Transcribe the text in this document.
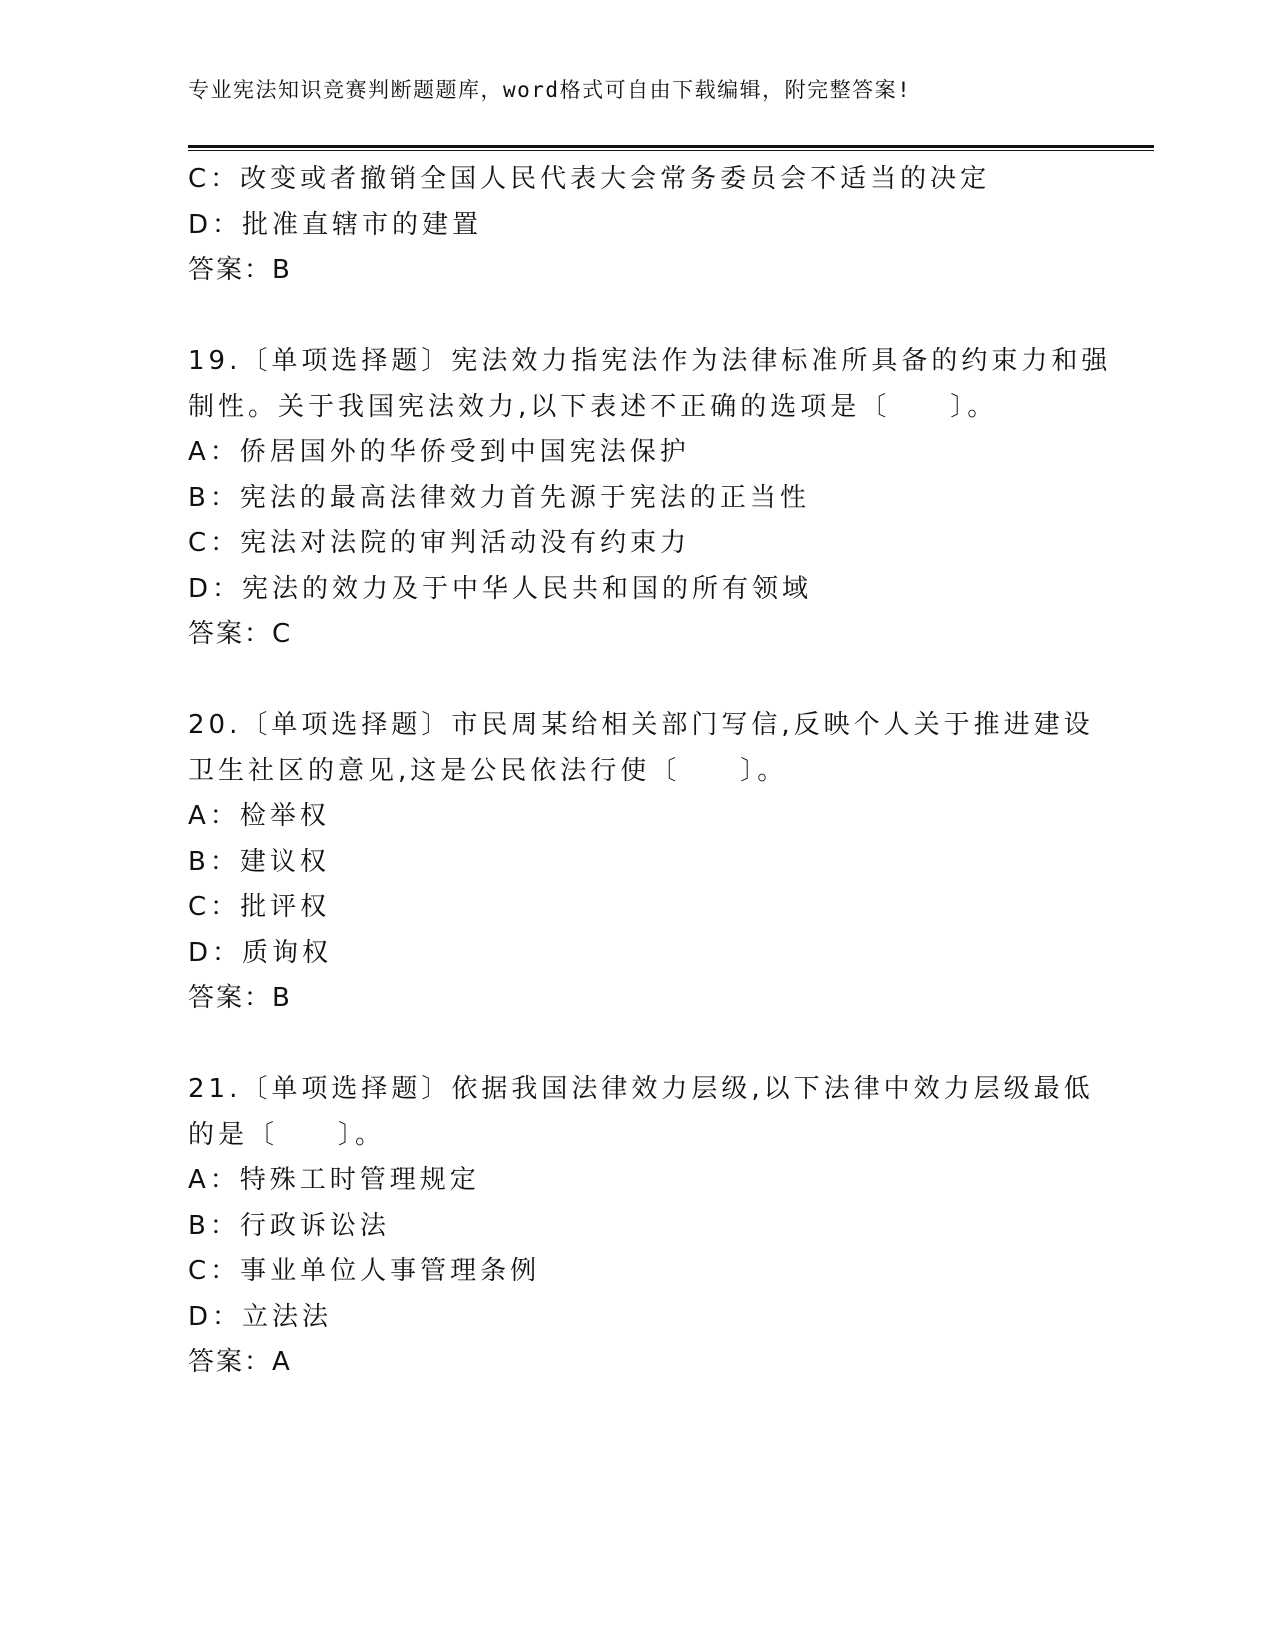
专业宪法知识竞赛判断题题库，word格式可自由下载编辑，附完整答案!
C：改变或者撤销全国人民代表大会常务委员会不适当的决定
D：批准直辖市的建置
答案：B
19.〔单项选择题〕宪法效力指宪法作为法律标准所具备的约束力和强
制性。关于我国宪法效力,以下表述不正确的选项是〔　　〕。
A：侨居国外的华侨受到中国宪法保护
B：宪法的最高法律效力首先源于宪法的正当性
C：宪法对法院的审判活动没有约束力
D：宪法的效力及于中华人民共和国的所有领域
答案：C
20.〔单项选择题〕市民周某给相关部门写信,反映个人关于推进建设
卫生社区的意见,这是公民依法行使〔　　〕。
A：检举权
B：建议权
C：批评权
D：质询权
答案：B
21.〔单项选择题〕依据我国法律效力层级,以下法律中效力层级最低
的是〔　　〕。
A：特殊工时管理规定
B：行政诉讼法
C：事业单位人事管理条例
D：立法法
答案：A
